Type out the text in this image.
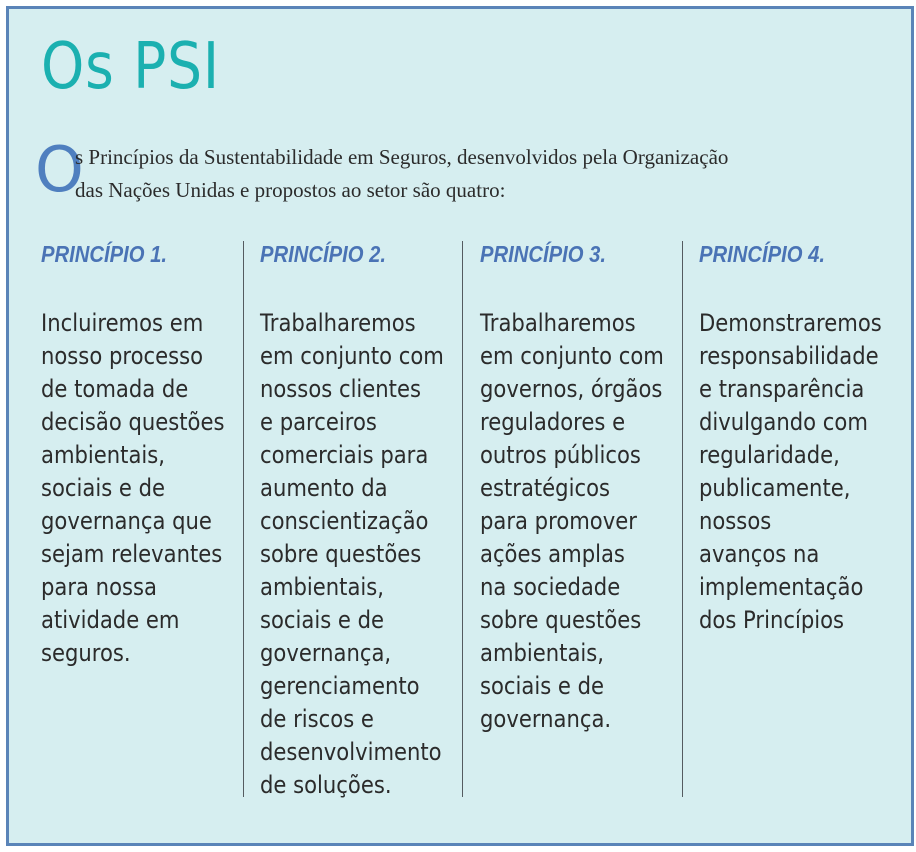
Os PSI
O
s Princípios da Sustentabilidade em Seguros, desenvolvidos pela Organização
das Nações Unidas e propostos ao setor são quatro:
PRINCÍPIO 1.

Incluiremos em
nosso processo
de tomada de
decisão questões
ambientais,
sociais e de
governança que
sejam relevantes
para nossa
atividade em
seguros.

PRINCÍPIO 2.

Trabalharemos
em conjunto com
nossos clientes
e parceiros
comerciais para
aumento da
conscientização
sobre questões
ambientais,
sociais e de
governança,
gerenciamento
de riscos e
desenvolvimento
de soluções.

PRINCÍPIO 3.

Trabalharemos
em conjunto com
governos, órgãos
reguladores e
outros públicos
estratégicos
para promover
ações amplas
na sociedade
sobre questões
ambientais,
sociais e de
governança.

PRINCÍPIO 4.

Demonstraremos
responsabilidade
e transparência
divulgando com
regularidade,
publicamente,
nossos
avanços na
implementação
dos Princípios
